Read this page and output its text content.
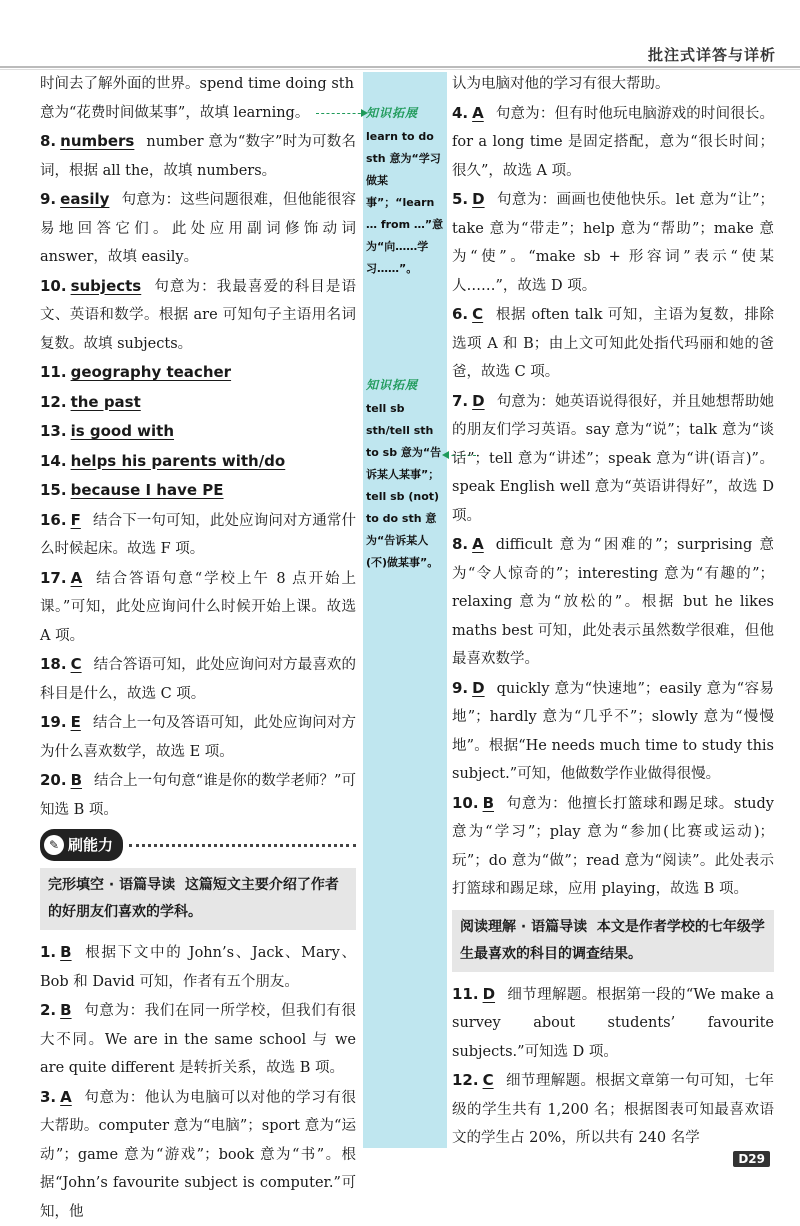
批注式详答与详析
知识拓展
learn to do sth 意为“学习做某事”；“learn … from …”意为“向……学习……”。
知识拓展
tell sb sth/tell sth to sb 意为“告诉某人某事”；tell sb (not) to do sth 意为“告诉某人(不)做某事”。
时间去了解外面的世界。spend time doing sth
意为“花费时间做某事”，故填 learning。
8. numbers number 意为“数字”时为可数名词，根据 all the，故填 numbers。
9. easily 句意为：这些问题很难，但他能很容易地回答它们。此处应用副词修饰动词 answer，故填 easily。
10. subjects 句意为：我最喜爱的科目是语文、英语和数学。根据 are 可知句子主语用名词复数。故填 subjects。
11. geography teacher
12. the past
13. is good with
14. helps his parents with/do
15. because I have PE
16. F 结合下一句可知，此处应询问对方通常什么时候起床。故选 F 项。
17. A 结合答语句意“学校上午 8 点开始上课。”可知，此处应询问什么时候开始上课。故选 A 项。
18. C 结合答语可知，此处应询问对方最喜欢的科目是什么，故选 C 项。
19. E 结合上一句及答语可知，此处应询问对方为什么喜欢数学，故选 E 项。
20. B 结合上一句句意“谁是你的数学老师？”可知选 B 项。
✎ 刷能力
完形填空 · 语篇导读 这篇短文主要介绍了作者的好朋友们喜欢的学科。
1. B 根据下文中的 John’s、Jack、Mary、Bob 和 David 可知，作者有五个朋友。
2. B 句意为：我们在同一所学校，但我们有很大不同。We are in the same school 与 we are quite different 是转折关系，故选 B 项。
3. A 句意为：他认为电脑可以对他的学习有很大帮助。computer 意为“电脑”；sport 意为“运动”；game 意为“游戏”；book 意为“书”。根据“John’s favourite subject is computer.”可知，他
认为电脑对他的学习有很大帮助。
4. A 句意为：但有时他玩电脑游戏的时间很长。for a long time 是固定搭配，意为“很长时间；很久”，故选 A 项。
5. D 句意为：画画也使他快乐。let 意为“让”；take 意为“带走”；help 意为“帮助”；make 意为“使”。“make sb + 形容词”表示“使某人……”，故选 D 项。
6. C 根据 often talk 可知，主语为复数，排除选项 A 和 B；由上文可知此处指代玛丽和她的爸爸，故选 C 项。
7. D 句意为：她英语说得很好，并且她想帮助她的朋友们学习英语。say 意为“说”；talk 意为“谈话”；tell 意为“讲述”；speak 意为“讲(语言)”。speak English well 意为“英语讲得好”，故选 D 项。
8. A difficult 意为“困难的”；surprising 意为“令人惊奇的”；interesting 意为“有趣的”；relaxing 意为“放松的”。根据 but he likes maths best 可知，此处表示虽然数学很难，但他最喜欢数学。
9. D quickly 意为“快速地”；easily 意为“容易地”；hardly 意为“几乎不”；slowly 意为“慢慢地”。根据“He needs much time to study this subject.”可知，他做数学作业做得很慢。
10. B 句意为：他擅长打篮球和踢足球。study 意为“学习”；play 意为“参加(比赛或运动)；玩”；do 意为“做”；read 意为“阅读”。此处表示打篮球和踢足球，应用 playing，故选 B 项。
阅读理解 · 语篇导读 本文是作者学校的七年级学生最喜欢的科目的调查结果。
11. D 细节理解题。根据第一段的“We make a survey about students’ favourite subjects.”可知选 D 项。
12. C 细节理解题。根据文章第一句可知，七年级的学生共有 1,200 名；根据图表可知最喜欢语文的学生占 20%，所以共有 240 名学
D29
